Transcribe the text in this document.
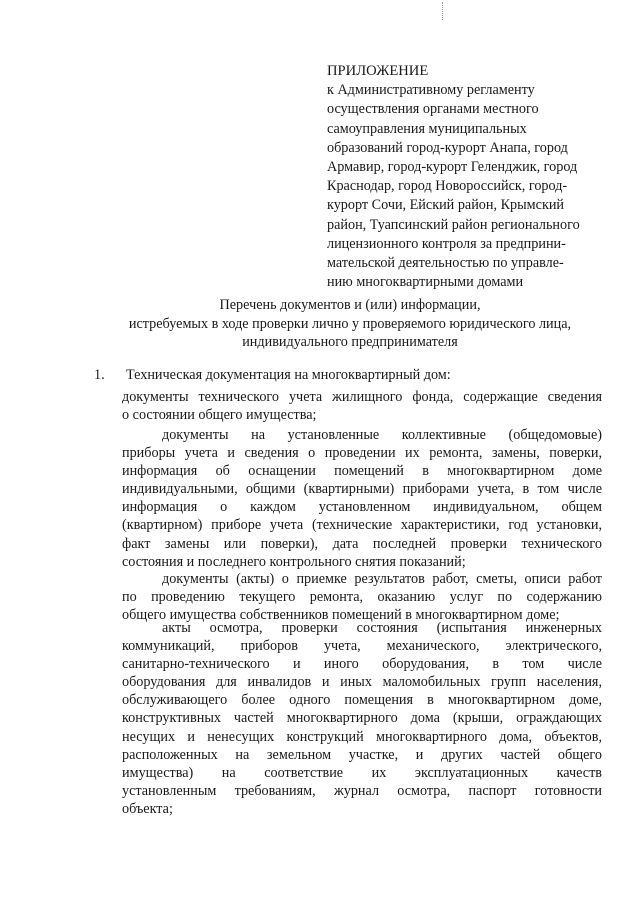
ПРИЛОЖЕНИЕ
к Административному регламенту
осуществления органами местного
самоуправления муниципальных
образований город-курорт Анапа, город
Армавир, город-курорт Геленджик, город
Краснодар, город Новороссийск, город-
курорт Сочи, Ейский район, Крымский
район, Туапсинский район регионального
лицензионного контроля за предприни-
мательской деятельностью по управле-
нию многоквартирными домами
Перечень документов и (или) информации,
истребуемых в ходе проверки лично у проверяемого юридического лица,
индивидуального предпринимателя
1. Техническая документация на многоквартирный дом:
документы технического учета жилищного фонда, содержащие сведения
о состоянии общего имущества;
документы на установленные коллективные (общедомовые)
приборы учета и сведения о проведении их ремонта, замены, поверки,
информация об оснащении помещений в многоквартирном доме
индивидуальными, общими (квартирными) приборами учета, в том числе
информация о каждом установленном индивидуальном, общем
(квартирном) приборе учета (технические характеристики, год установки,
факт замены или поверки), дата последней проверки технического
состояния и последнего контрольного снятия показаний;
документы (акты) о приемке результатов работ, сметы, описи работ
по проведению текущего ремонта, оказанию услуг по содержанию
общего имущества собственников помещений в многоквартирном доме;
акты осмотра, проверки состояния (испытания инженерных
коммуникаций, приборов учета, механического, электрического,
санитарно-технического и иного оборудования, в том числе
оборудования для инвалидов и иных маломобильных групп населения,
обслуживающего более одного помещения в многоквартирном доме,
конструктивных частей многоквартирного дома (крыши, ограждающих
несущих и ненесущих конструкций многоквартирного дома, объектов,
расположенных на земельном участке, и других частей общего
имущества) на соответствие их эксплуатационных качеств
установленным требованиям, журнал осмотра, паспорт готовности
объекта;
